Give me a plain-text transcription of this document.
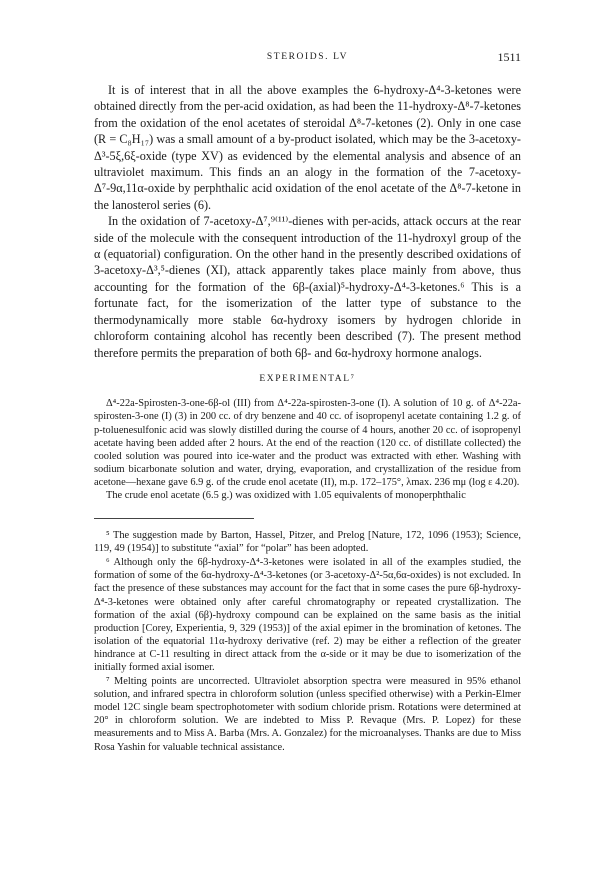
STEROIDS. LV	1511

It is of interest that in all the above examples the 6-hydroxy-Δ⁴-3-ketones were obtained directly from the per-acid oxidation, as had been the 11-hydroxy-Δ⁸-7-ketones from the oxidation of the enol acetates of steroidal Δ⁸-7-ketones (2). Only in one case (R = C₈H₁₇) was a small amount of a by-product isolated, which may be the 3-acetoxy-Δ³-5ξ,6ξ-oxide (type XV) as evidenced by the elemental analysis and absence of an ultraviolet maximum. This finds an an alogy in the formation of the 7-acetoxy-Δ⁷-9α,11α-oxide by perphthalic acid oxidation of the enol acetate of the Δ⁸-7-ketone in the lanosterol series (6).

In the oxidation of 7-acetoxy-Δ⁷,⁹⁽¹¹⁾-dienes with per-acids, attack occurs at the rear side of the molecule with the consequent introduction of the 11-hydroxyl group of the α (equatorial) configuration. On the other hand in the presently described oxidations of 3-acetoxy-Δ³,⁵-dienes (XI), attack apparently takes place mainly from above, thus accounting for the formation of the 6β-(axial)⁵-hydroxy-Δ⁴-3-ketones.⁶ This is a fortunate fact, for the isomerization of the latter type of substance to the thermodynamically more stable 6α-hydroxy isomers by hydrogen chloride in chloroform containing alcohol has recently been described (7). The present method therefore permits the preparation of both 6β- and 6α-hydroxy hormone analogs.

EXPERIMENTAL⁷

Δ⁴-22a-Spirosten-3-one-6β-ol (III) from Δ⁴-22a-spirosten-3-one (I). A solution of 10 g. of Δ⁴-22a-spirosten-3-one (I) (3) in 200 cc. of dry benzene and 40 cc. of isopropenyl acetate containing 1.2 g. of p-toluenesulfonic acid was slowly distilled during the course of 4 hours, another 20 cc. of isopropenyl acetate having been added after 2 hours. At the end of the reaction (120 cc. of distillate collected) the cooled solution was poured into ice-water and the product was extracted with ether. Washing with sodium bicarbonate solution and water, drying, evaporation, and crystallization of the residue from acetone—hexane gave 6.9 g. of the crude enol acetate (II), m.p. 172–175°, λmax. 236 mμ (log ε 4.20).

The crude enol acetate (6.5 g.) was oxidized with 1.05 equivalents of monoperphthalic

⁵ The suggestion made by Barton, Hassel, Pitzer, and Prelog [Nature, 172, 1096 (1953); Science, 119, 49 (1954)] to substitute “axial” for “polar” has been adopted.

⁶ Although only the 6β-hydroxy-Δ⁴-3-ketones were isolated in all of the examples studied, the formation of some of the 6α-hydroxy-Δ⁴-3-ketones (or 3-acetoxy-Δ²-5α,6α-oxides) is not excluded. In fact the presence of these substances may account for the fact that in some cases the pure 6β-hydroxy-Δ⁴-3-ketones were obtained only after careful chromatography or repeated crystallization. The formation of the axial (6β)-hydroxy compound can be explained on the same basis as the initial production [Corey, Experientia, 9, 329 (1953)] of the axial epimer in the bromination of ketones. The isolation of the equatorial 11α-hydroxy derivative (ref. 2) may be either a reflection of the greater hindrance at C-11 resulting in direct attack from the α-side or it may be due to isomerization of the initially formed axial isomer.

⁷ Melting points are uncorrected. Ultraviolet absorption spectra were measured in 95% ethanol solution, and infrared spectra in chloroform solution (unless specified otherwise) with a Perkin-Elmer model 12C single beam spectrophotometer with sodium chloride prism. Rotations were determined at 20° in chloroform solution. We are indebted to Miss P. Revaque (Mrs. P. Lopez) for these measurements and to Miss A. Barba (Mrs. A. Gonzalez) for the microanalyses. Thanks are due to Miss Rosa Yashin for valuable technical assistance.
